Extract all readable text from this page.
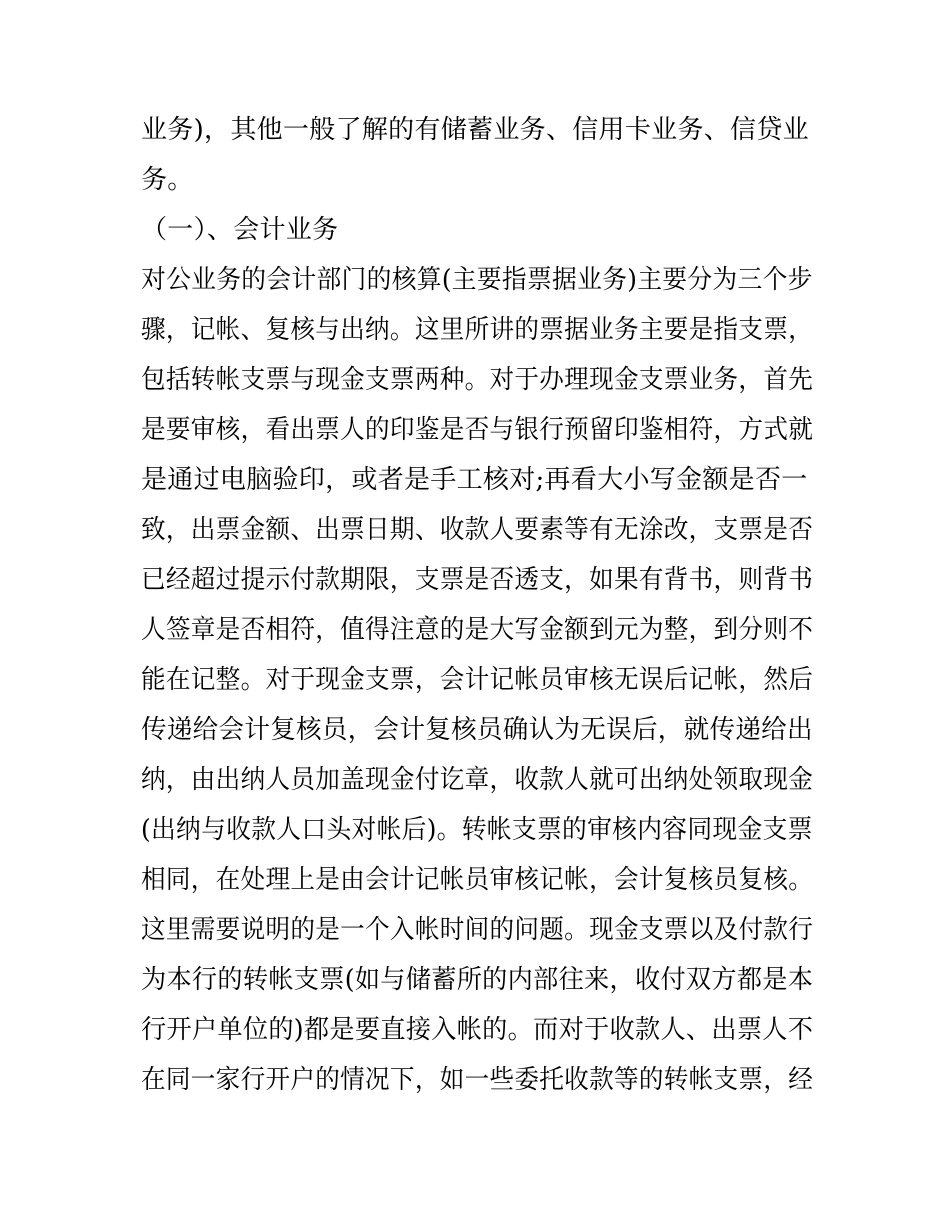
业务)，其他一般了解的有储蓄业务、信用卡业务、信贷业
务。
（一）、会计业务
对公业务的会计部门的核算(主要指票据业务)主要分为三个步
骤，记帐、复核与出纳。这里所讲的票据业务主要是指支票，
包括转帐支票与现金支票两种。对于办理现金支票业务，首先
是要审核，看出票人的印鉴是否与银行预留印鉴相符，方式就
是通过电脑验印，或者是手工核对;再看大小写金额是否一
致，出票金额、出票日期、收款人要素等有无涂改，支票是否
已经超过提示付款期限，支票是否透支，如果有背书，则背书
人签章是否相符，值得注意的是大写金额到元为整，到分则不
能在记整。对于现金支票，会计记帐员审核无误后记帐，然后
传递给会计复核员，会计复核员确认为无误后，就传递给出
纳，由出纳人员加盖现金付讫章，收款人就可出纳处领取现金
(出纳与收款人口头对帐后)。转帐支票的审核内容同现金支票
相同，在处理上是由会计记帐员审核记帐，会计复核员复核。
这里需要说明的是一个入帐时间的问题。现金支票以及付款行
为本行的转帐支票(如与储蓄所的内部往来，收付双方都是本
行开户单位的)都是要直接入帐的。而对于收款人、出票人不
在同一家行开户的情况下，如一些委托收款等的转帐支票，经
